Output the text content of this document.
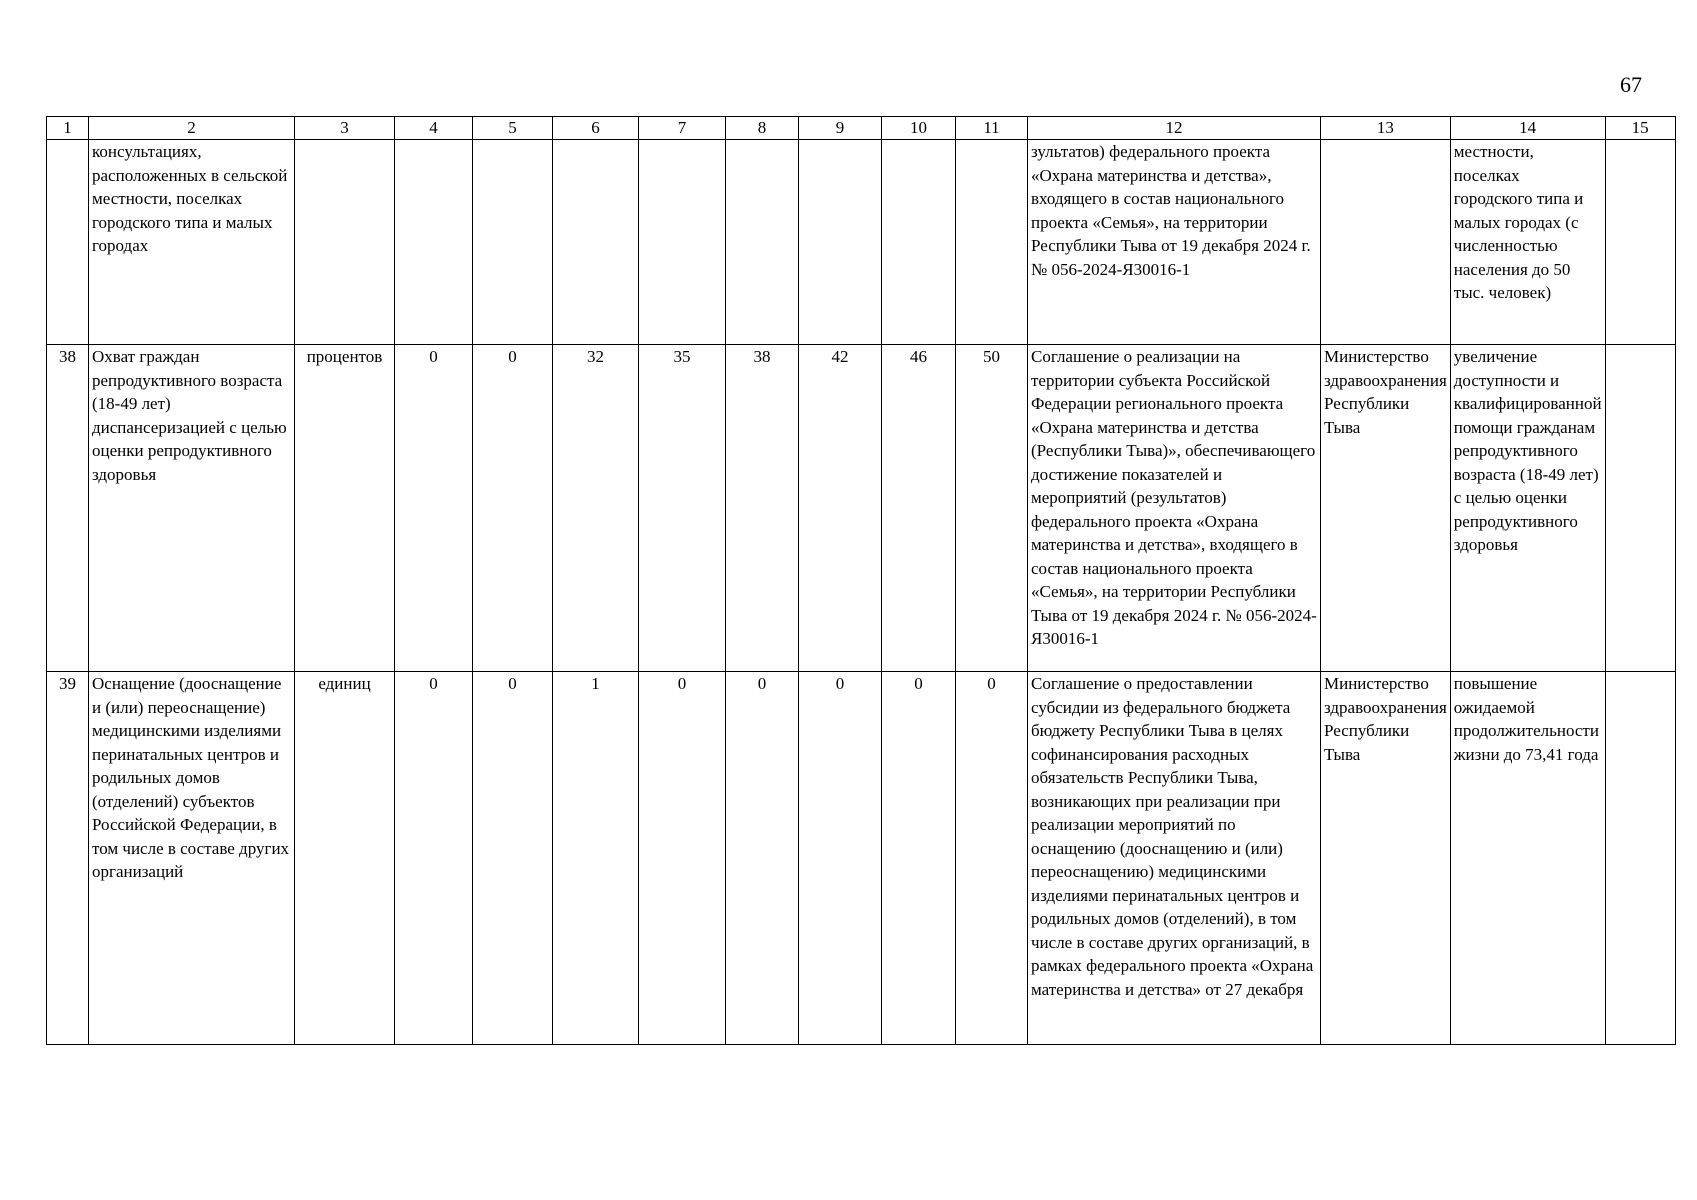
67
1	2	3	4	5	6	7	8	9	10	11	12	13	14	15
	консультациях, расположенных в сельской местности, поселках городского типа и малых городах										зультатов) федерального проекта «Охрана материнства и детства», входящего в состав национального проекта «Семья», на территории Республики Тыва от 19 декабря 2024 г. № 056-2024-Я30016-1		местности, поселках городского типа и малых городах (с численностью населения до 50 тыс. человек)	
38	Охват граждан репродуктивного возраста (18-49 лет) диспансеризацией с целью оценки репродуктивного здоровья	процентов	0	0	32	35	38	42	46	50	Соглашение о реализации на территории субъекта Российской Федерации регионального проекта «Охрана материнства и детства (Республики Тыва)», обеспечивающего достижение показателей и мероприятий (результатов) федерального проекта «Охрана материнства и детства», входящего в состав национального проекта «Семья», на территории Республики Тыва от 19 декабря 2024 г. № 056-2024-Я30016-1	Министерство здравоохранения Республики Тыва	увеличение доступности и квалифицированной помощи гражданам репродуктивного возраста (18-49 лет) с целью оценки репродуктивного здоровья	
39	Оснащение (дооснащение и (или) переоснащение) медицинскими изделиями перинатальных центров и родильных домов (отделений) субъектов Российской Федерации, в том числе в составе других организаций	единиц	0	0	1	0	0	0	0	0	Соглашение о предоставлении субсидии из федерального бюджета бюджету Республики Тыва в целях софинансирования расходных обязательств Республики Тыва, возникающих при реализации при реализации мероприятий по оснащению (дооснащению и (или) переоснащению) медицинскими изделиями перинатальных центров и родильных домов (отделений), в том числе в составе других организаций, в рамках федерального проекта «Охрана материнства и детства» от 27 декабря	Министерство здравоохранения Республики Тыва	повышение ожидаемой продолжительности жизни до 73,41 года	
